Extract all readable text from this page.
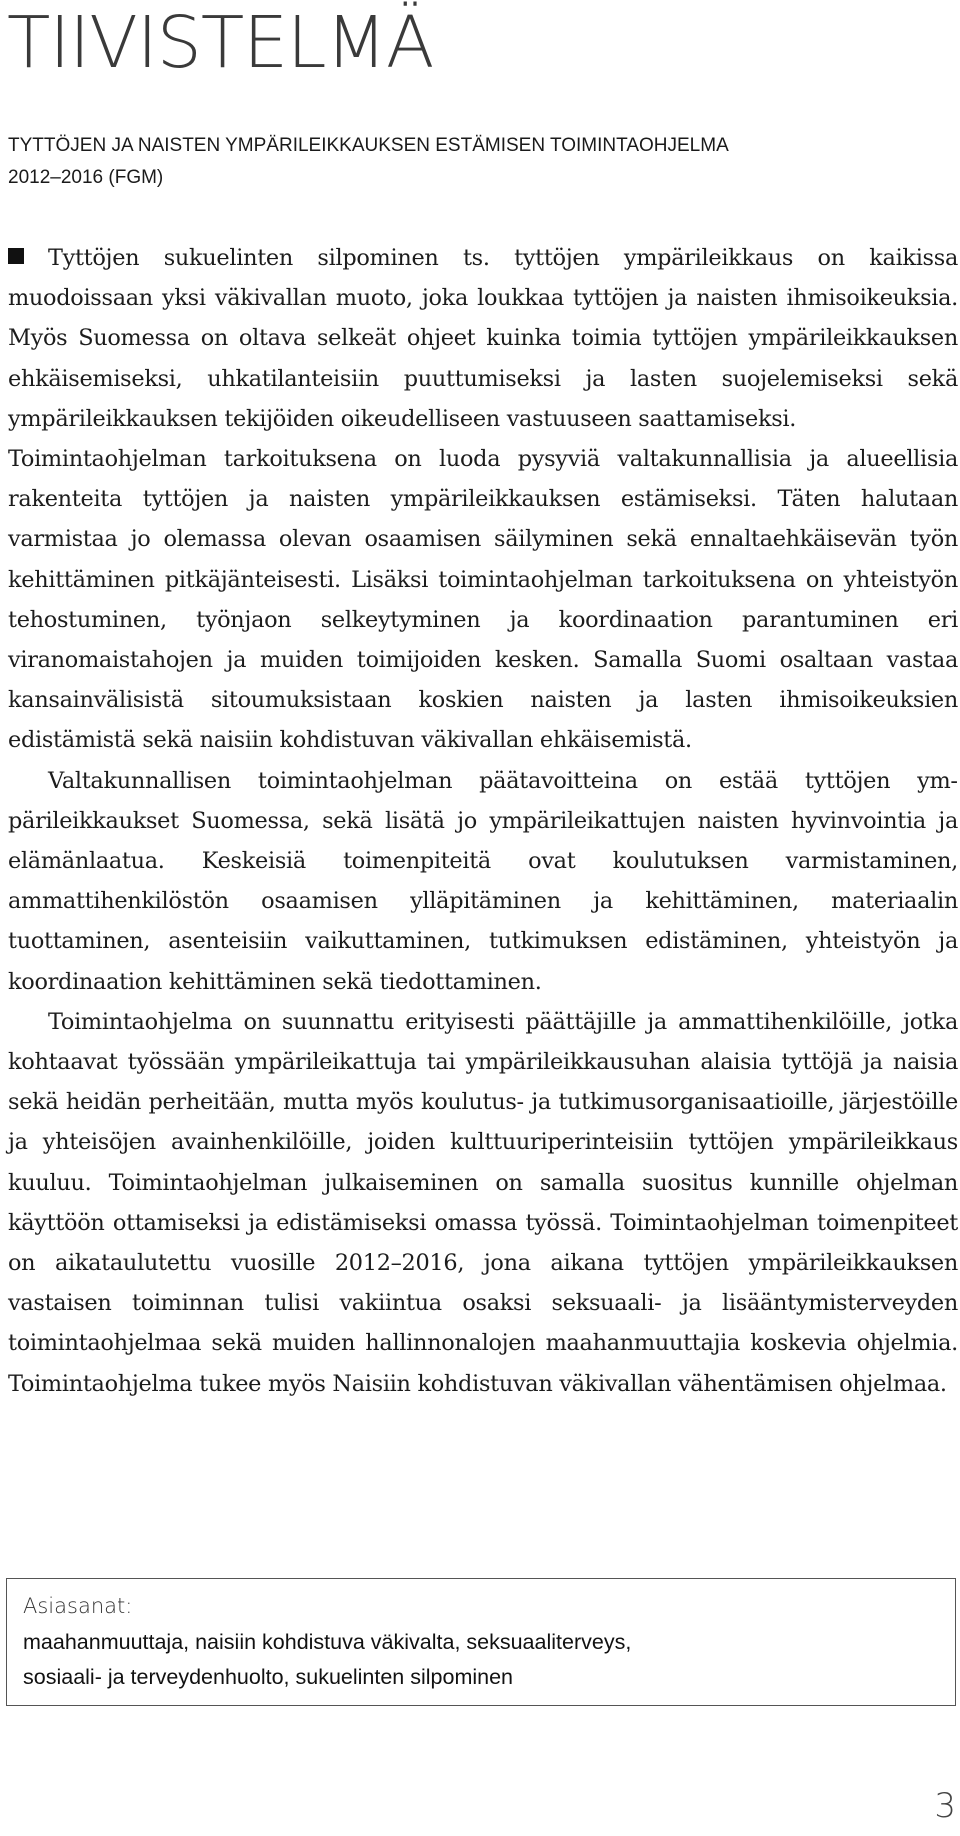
TIIVISTELMÄ
TYTTÖJEN JA NAISTEN YMPÄRILEIKKAUKSEN ESTÄMISEN TOIMINTAOHJELMA
2012–2016 (FGM)

Tyttöjen sukuelinten silpominen ts. tyttöjen ympärileikkaus on kaikissa muodoissaan yksi väkivallan muoto, joka loukkaa tyttöjen ja naisten ihmisoikeuksia. Myös Suomessa on oltava selkeät ohjeet kuinka toimia tyttöjen ympärileikkauksen ehkäisemiseksi, uhkatilanteisiin puuttumiseksi ja lasten suojelemiseksi sekä ympärileikkauksen tekijöiden oikeudelliseen vastuuseen saattamiseksi.

Toimintaohjelman tarkoituksena on luoda pysyviä valtakunnallisia ja alueellisia rakenteita tyttöjen ja naisten ympärileikkauksen estämiseksi. Täten halutaan varmistaa jo olemassa olevan osaamisen säilyminen sekä ennaltaehkäisevän työn kehittäminen pitkäjänteisesti. Lisäksi toimintaohjelman tarkoituksena on yhteistyön tehostuminen, työnjaon selkeytyminen ja koordinaation parantuminen eri viranomaistahojen ja muiden toimijoiden kesken. Samalla Suomi osaltaan vastaa kansainvälisistä sitoumuksistaan koskien naisten ja lasten ihmisoikeuksien edistämistä sekä naisiin kohdistuvan väkivallan ehkäisemistä.

Valtakunnallisen toimintaohjelman päätavoitteina on estää tyttöjen ympärileikkaukset Suomessa, sekä lisätä jo ympärileikattujen naisten hyvinvointia ja elämänlaatua. Keskeisiä toimenpiteitä ovat koulutuksen varmistaminen, ammattihenkilöstön osaamisen ylläpitäminen ja kehittäminen, materiaalin tuottaminen, asenteisiin vaikuttaminen, tutkimuksen edistäminen, yhteistyön ja koordinaation kehittäminen sekä tiedottaminen.

Toimintaohjelma on suunnattu erityisesti päättäjille ja ammattihenkilöille, jotka kohtaavat työssään ympärileikattuja tai ympärileikkausuhan alaisia tyttöjä ja naisia sekä heidän perheitään, mutta myös koulutus- ja tutkimusorganisaatioille, järjestöille ja yhteisöjen avainhenkilöille, joiden kulttuuriperinteisiin tyttöjen ympärileikkaus kuuluu. Toimintaohjelman julkaiseminen on samalla suositus kunnille ohjelman käyttöön ottamiseksi ja edistämiseksi omassa työssä. Toimintaohjelman toimenpiteet on aikataulutettu vuosille 2012–2016, jona aikana tyttöjen ympärileikkauksen vastaisen toiminnan tulisi vakiintua osaksi seksuaali- ja lisääntymisterveyden toimintaohjelmaa sekä muiden hallinnonalojen maahanmuuttajia koskevia ohjelmia. Toimintaohjelma tukee myös Naisiin kohdistuvan väkivallan vähentämisen ohjelmaa.

Asiasanat:
maahanmuuttaja, naisiin kohdistuva väkivalta, seksuaaliterveys,
sosiaali- ja terveydenhuolto, sukuelinten silpominen
3
